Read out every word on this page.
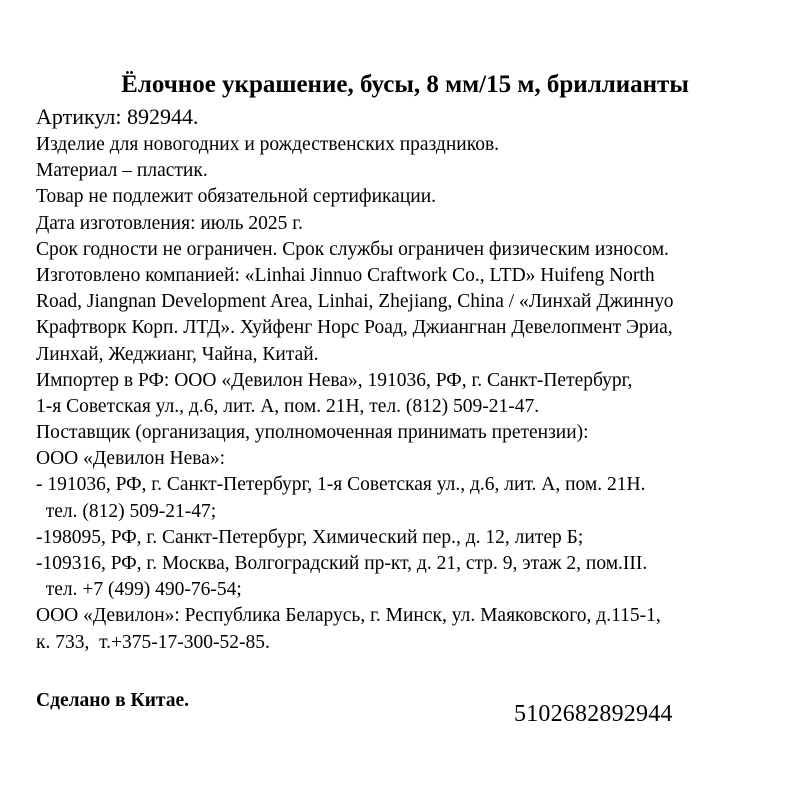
Ёлочное украшение, бусы, 8 мм/15 м, бриллианты
Артикул: 892944.
Изделие для новогодних и рождественских праздников.
Материал – пластик.
Товар не подлежит обязательной сертификации.
Дата изготовления: июль 2025 г.
Срок годности не ограничен. Срок службы ограничен физическим износом.
Изготовлено компанией: «Linhai Jinnuo Craftwork Co., LTD» Huifeng North
Road, Jiangnan Development Area, Linhai, Zhejiang, China / «Линхай Джиннуо
Крафтворк Корп. ЛТД». Хуйфенг Норс Роад, Джиангнан Девелопмент Эриа,
Линхай, Жеджианг, Чайна, Китай.
Импортер в РФ: ООО «Девилон Нева», 191036, РФ, г. Санкт-Петербург,
1-я Советская ул., д.6, лит. А, пом. 21Н, тел. (812) 509-21-47.
Поставщик (организация, уполномоченная принимать претензии):
ООО «Девилон Нева»:
- 191036, РФ, г. Санкт-Петербург, 1-я Советская ул., д.6, лит. А, пом. 21Н.
тел. (812) 509-21-47;
-198095, РФ, г. Санкт-Петербург, Химический пер., д. 12, литер Б;
-109316, РФ, г. Москва, Волгоградский пр-кт, д. 21, стр. 9, этаж 2, пом.III.
тел. +7 (499) 490-76-54;
ООО «Девилон»: Республика Беларусь, г. Минск, ул. Маяковского, д.115-1,
к. 733,  т.+375-17-300-52-85.
Сделано в Китае.
5102682892944
